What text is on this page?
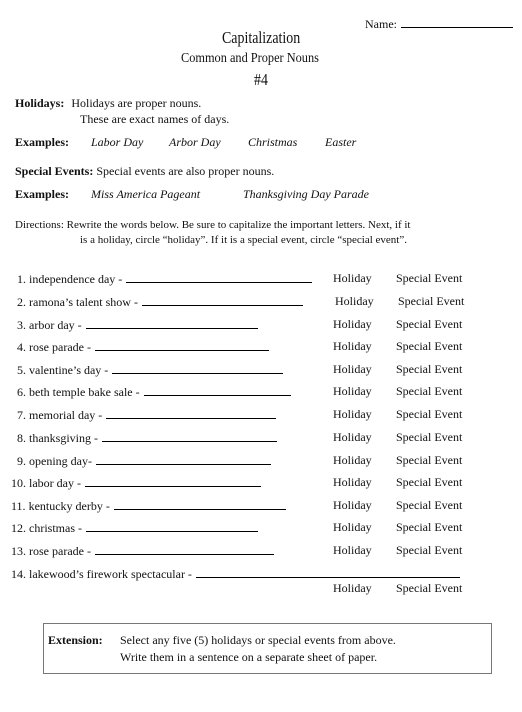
Name:
Capitalization
Common and Proper Nouns
#4
Holidays: Holidays are proper nouns.
These are exact names of days.
Examples: Labor Day Arbor Day Christmas Easter
Special Events: Special events are also proper nouns.
Examples: Miss America Pageant	Thanksgiving Day Parade
Directions: Rewrite the words below. Be sure to capitalize the important letters. Next, if it
is a holiday, circle “holiday”. If it is a special event, circle “special event”.
1. independence day -
2. ramona’s talent show -
3. arbor day -
4. rose parade -
5. valentine’s day -
6. beth temple bake sale -
7. memorial day -
8. thanksgiving -
9. opening day-
10. labor day -
11. kentucky derby -
12. christmas -
13. rose parade -
14. lakewood’s firework spectacular -
Holiday Special Event
Holiday Special Event
Holiday Special Event
Holiday Special Event
Holiday Special Event
Holiday Special Event
Holiday Special Event
Holiday Special Event
Holiday Special Event
Holiday Special Event
Holiday Special Event
Holiday Special Event
Holiday Special Event
Holiday Special Event
Extension: Select any five (5) holidays or special events from above.
Write them in a sentence on a separate sheet of paper.
